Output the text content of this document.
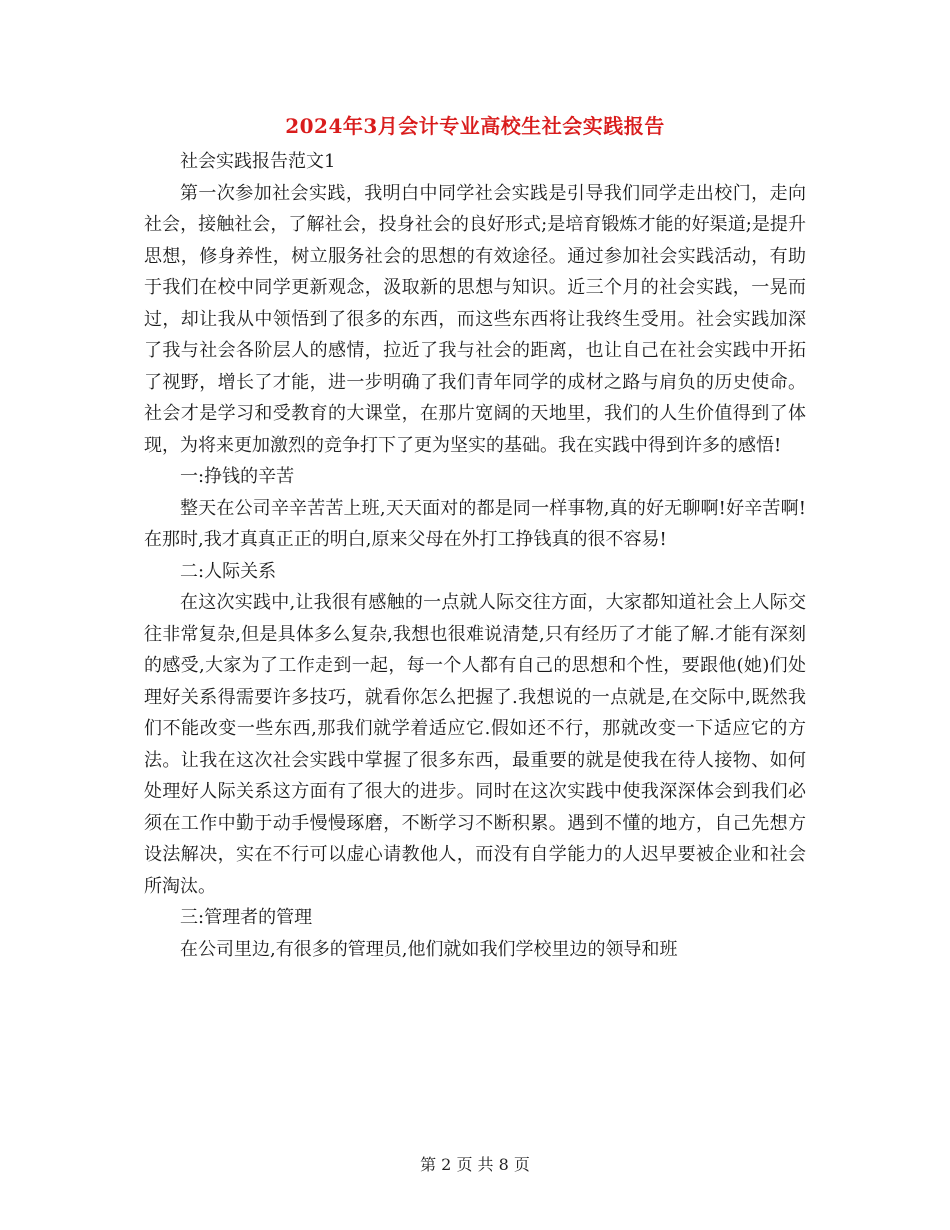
2024年3月会计专业高校生社会实践报告

社会实践报告范文1

第一次参加社会实践，我明白中同学社会实践是引导我们同学走出校门，走向社会，接触社会，了解社会，投身社会的良好形式;是培育锻炼才能的好渠道;是提升思想，修身养性，树立服务社会的思想的有效途径。通过参加社会实践活动，有助于我们在校中同学更新观念，汲取新的思想与知识。近三个月的社会实践，一晃而过，却让我从中领悟到了很多的东西，而这些东西将让我终生受用。社会实践加深了我与社会各阶层人的感情，拉近了我与社会的距离，也让自己在社会实践中开拓了视野，增长了才能，进一步明确了我们青年同学的成材之路与肩负的历史使命。社会才是学习和受教育的大课堂，在那片宽阔的天地里，我们的人生价值得到了体现，为将来更加激烈的竞争打下了更为坚实的基础。我在实践中得到许多的感悟!

一:挣钱的辛苦

整天在公司辛辛苦苦上班,天天面对的都是同一样事物,真的好无聊啊!好辛苦啊!在那时,我才真真正正的明白,原来父母在外打工挣钱真的很不容易!

二:人际关系

在这次实践中,让我很有感触的一点就人际交往方面，大家都知道社会上人际交往非常复杂,但是具体多么复杂,我想也很难说清楚,只有经历了才能了解.才能有深刻的感受,大家为了工作走到一起，每一个人都有自己的思想和个性，要跟他(她)们处理好关系得需要许多技巧，就看你怎么把握了.我想说的一点就是,在交际中,既然我们不能改变一些东西,那我们就学着适应它.假如还不行，那就改变一下适应它的方法。让我在这次社会实践中掌握了很多东西，最重要的就是使我在待人接物、如何处理好人际关系这方面有了很大的进步。同时在这次实践中使我深深体会到我们必须在工作中勤于动手慢慢琢磨，不断学习不断积累。遇到不懂的地方，自己先想方设法解决，实在不行可以虚心请教他人，而没有自学能力的人迟早要被企业和社会所淘汰。

三:管理者的管理

在公司里边,有很多的管理员,他们就如我们学校里边的领导和班

第 2 页 共 8 页
